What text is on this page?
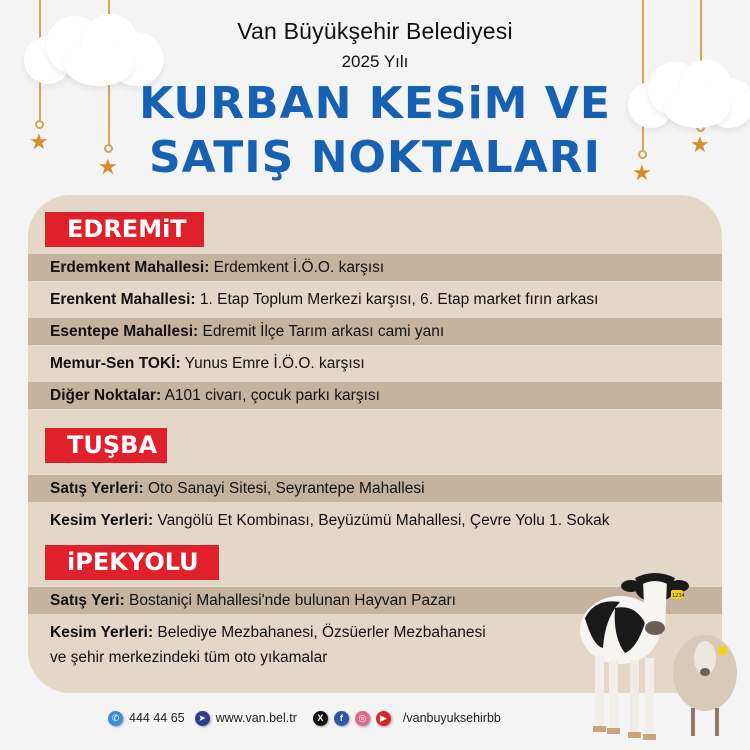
★
★	★
★
Van Büyükşehir Belediyesi
2025 Yılı
KURBAN KESiM VE
SATIŞ NOKTALARI
EDREMiT
Erdemkent Mahallesi: Erdemkent İ.Ö.O. karşısı
Erenkent Mahallesi: 1. Etap Toplum Merkezi karşısı, 6. Etap market fırın arkası
Esentepe Mahallesi: Edremit İlçe Tarım arkası cami yanı
Memur-Sen TOKİ: Yunus Emre İ.Ö.O. karşısı
Diğer Noktalar: A101 civarı, çocuk parkı karşısı
TUŞBA
Satış Yerleri: Oto Sanayi Sitesi, Seyrantepe Mahallesi
Kesim Yerleri: Vangölü Et Kombinası, Beyüzümü Mahallesi, Çevre Yolu 1. Sokak
iPEKYOLU
Satış Yeri: Bostaniçi Mahallesi'nde bulunan Hayvan Pazarı
Kesim Yerleri: Belediye Mezbahanesi, Özsüerler Mezbahanesi
ve şehir merkezindeki tüm oto yıkamalar
1234
✆ 444 44 65	➤ www.van.bel.tr	X	f	◎	▶	/vanbuyuksehirbb
